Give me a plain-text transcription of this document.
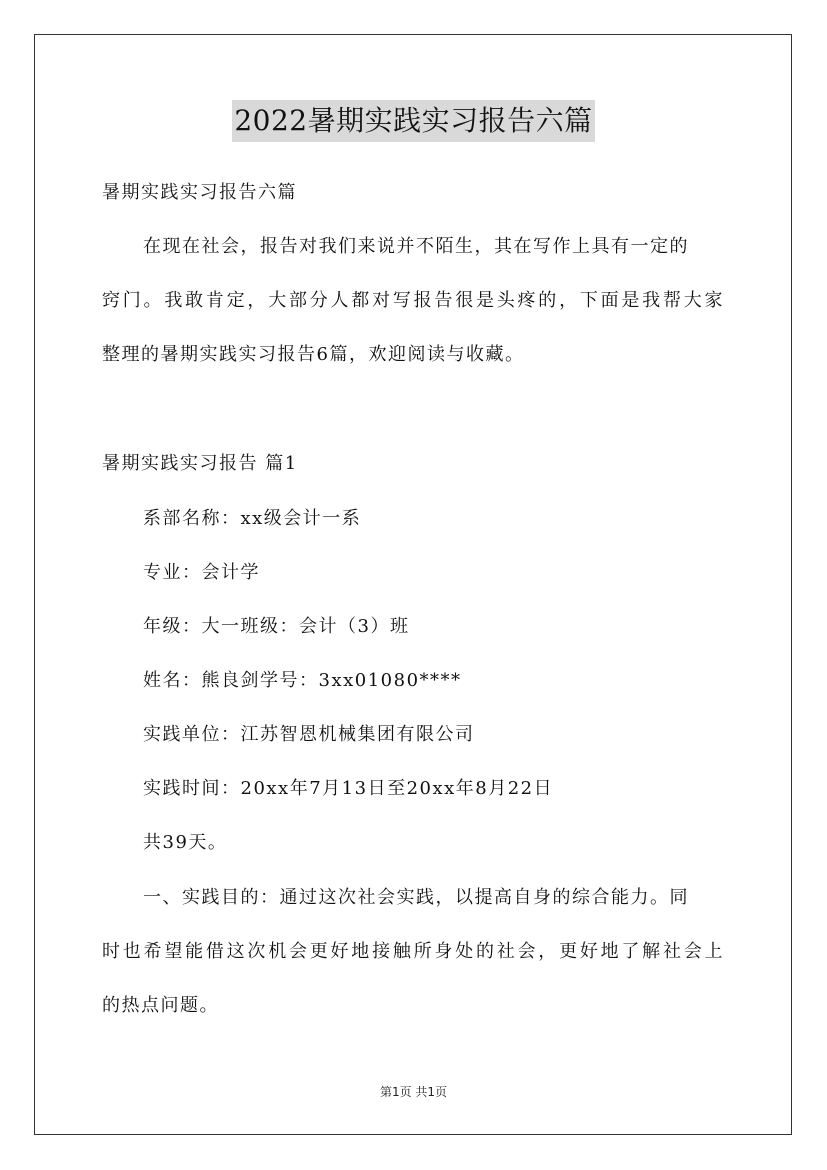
2022暑期实践实习报告六篇
暑期实践实习报告六篇
在现在社会，报告对我们来说并不陌生，其在写作上具有一定的
窍门。我敢肯定，大部分人都对写报告很是头疼的，下面是我帮大家
整理的暑期实践实习报告6篇，欢迎阅读与收藏。
暑期实践实习报告 篇1
系部名称：xx级会计一系
专业：会计学
年级：大一班级：会计（3）班
姓名：熊良剑学号：3xx01080****
实践单位：江苏智恩机械集团有限公司
实践时间：20xx年7月13日至20xx年8月22日
共39天。
一、实践目的：通过这次社会实践，以提高自身的综合能力。同
时也希望能借这次机会更好地接触所身处的社会，更好地了解社会上
的热点问题。
第1页 共1页
